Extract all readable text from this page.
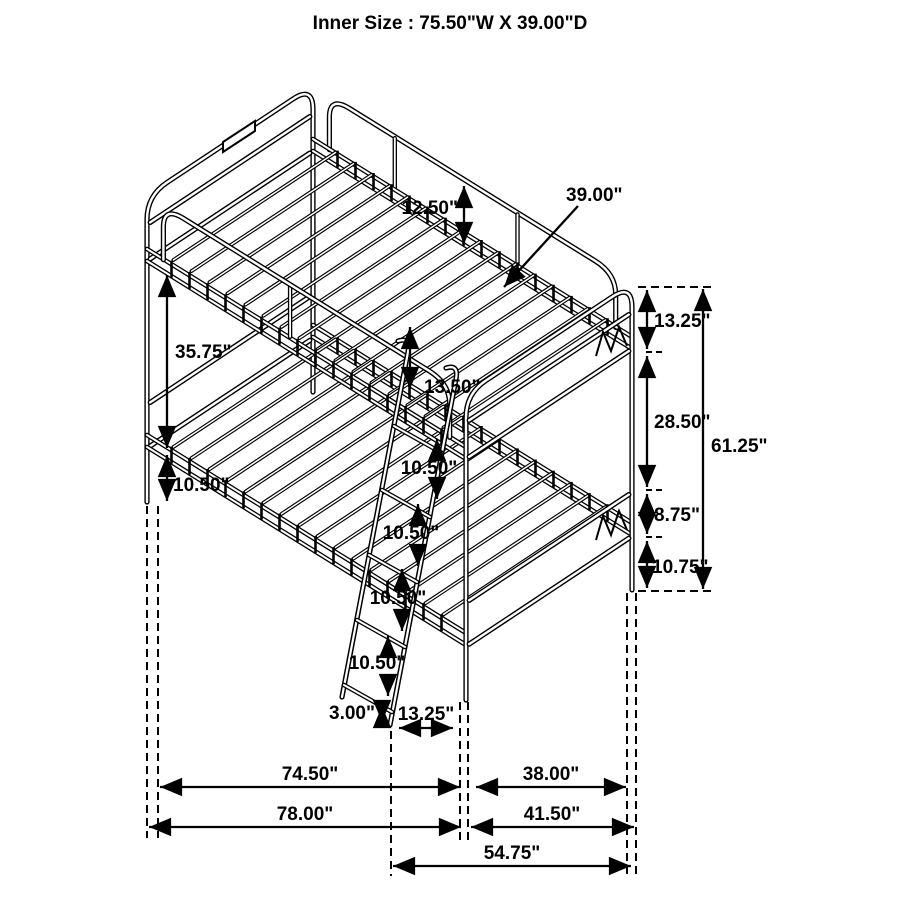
Inner Size : 75.50"W X 39.00"D
12.50"
13.25"
28.50"
8.75"
10.75"
61.25"
35.75"
10.50"
13.50"
3.00"
74.50"	38.00"
78.00"	41.50"
54.75"
13.25"
10.50"
10.50"
10.50"
10.50"
39.00"
